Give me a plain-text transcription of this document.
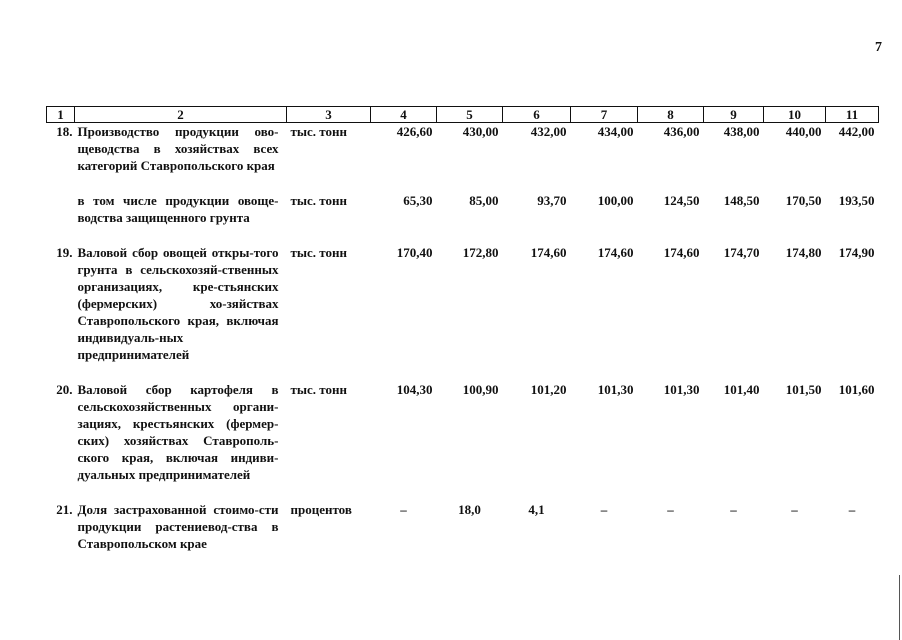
7
1	2	3	4	5	6	7	8	9	10	11
18.	Производство продукции ово-щеводства в хозяйствах всех категорий Ставропольского края	тыс. тонн	426,60	430,00	432,00	434,00	436,00	438,00	440,00	442,00

	в том числе продукции овоще-водства защищенного грунта	тыс. тонн	65,30	85,00	93,70	100,00	124,50	148,50	170,50	193,50

19.	Валовой сбор овощей откры-того грунта в сельскохозяй-ственных организациях, кре-стьянских (фермерских) хо-зяйствах Ставропольского края, включая индивидуаль-ных предпринимателей	тыс. тонн	170,40	172,80	174,60	174,60	174,60	174,70	174,80	174,90

20.	Валовой сбор картофеля в сельскохозяйственных органи-зациях, крестьянских (фермер-ских) хозяйствах Ставрополь-ского края, включая индиви-дуальных предпринимателей	тыс. тонн	104,30	100,90	101,20	101,30	101,30	101,40	101,50	101,60

21.	Доля застрахованной стоимо-сти продукции растениевод-ства в Ставропольском крае	процентов	–	18,0	4,1	–	–	–	–	–
